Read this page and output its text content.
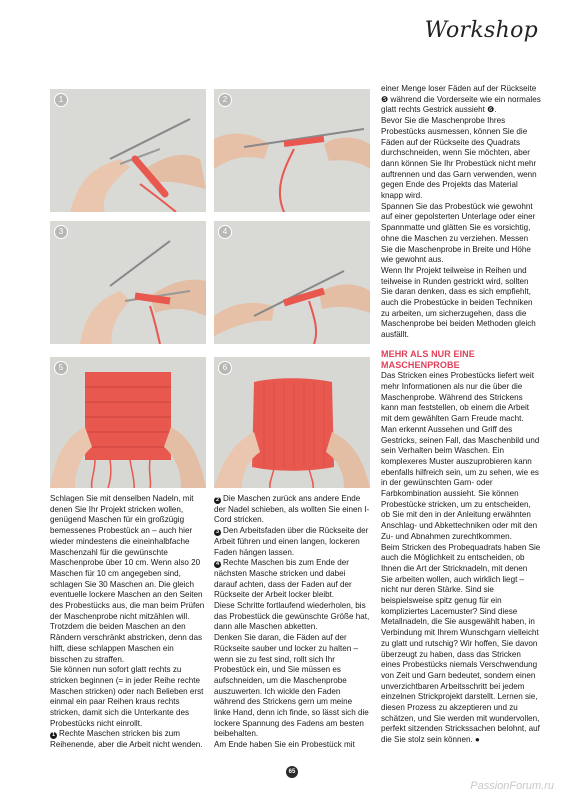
Workshop
1	2
3	4
5	6

Schlagen Sie mit denselben Nadeln, mit denen Sie Ihr Projekt stricken wollen, genügend Maschen für ein großzügig bemessenes Probestück an – auch hier wieder mindestens die eineinhalbfache Maschenzahl für die gewünschte Maschenprobe über 10 cm. Wenn also 20 Maschen für 10 cm angegeben sind, schlagen Sie 30 Maschen an. Die gleich eventuelle lockere Maschen an den Seiten des Probestücks aus, die man beim Prüfen der Maschenprobe nicht mitzählen will. Trotzdem die beiden Maschen an den Rändern verschränkt abstricken, denn das hilft, diese schlappen Maschen ein bisschen zu straffen.

Sie können nun sofort glatt rechts zu stricken beginnen (= in jeder Reihe rechte Maschen stricken) oder nach Belieben erst einmal ein paar Reihen kraus rechts stricken, damit sich die Unterkante des Probestücks nicht einrollt.

1 Rechte Maschen stricken bis zum Reihenende, aber die Arbeit nicht wenden.

2 Die Maschen zurück ans andere Ende der Nadel schieben, als wollten Sie einen I-Cord stricken.

3 Den Arbeitsfaden über die Rückseite der Arbeit führen und einen langen, lockeren Faden hängen lassen.

4 Rechte Maschen bis zum Ende der nächsten Masche stricken und dabei darauf achten, dass der Faden auf der Rückseite der Arbeit locker bleibt.

Diese Schritte fortlaufend wiederholen, bis das Probestück die gewünschte Größe hat, dann alle Maschen abketten.

Denken Sie daran, die Fäden auf der Rückseite sauber und locker zu halten – wenn sie zu fest sind, rollt sich Ihr Probestück ein, und Sie müssen es aufschneiden, um die Maschenprobe auszuwerten. Ich wickle den Faden während des Strickens gern um meine linke Hand, denn ich finde, so lässt sich die lockere Spannung des Fadens am besten beibehalten.

Am Ende haben Sie ein Probestück mit

einer Menge loser Fäden auf der Rückseite ❺ während die Vorderseite wie ein normales glatt rechts Gestrick aussieht ❻.

Bevor Sie die Maschenprobe Ihres Probestücks ausmessen, können Sie die Fäden auf der Rückseite des Quadrats durchschneiden, wenn Sie möchten, aber dann können Sie Ihr Probestück nicht mehr auftrennen und das Garn verwenden, wenn gegen Ende des Projekts das Material knapp wird.

Spannen Sie das Probestück wie gewohnt auf einer gepolsterten Unterlage oder einer Spannmatte und glätten Sie es vorsichtig, ohne die Maschen zu verziehen. Messen Sie die Maschenprobe in Breite und Höhe wie gewohnt aus.

Wenn Ihr Projekt teilweise in Reihen und teilweise in Runden gestrickt wird, sollten Sie daran denken, dass es sich empfiehlt, auch die Probestücke in beiden Techniken zu arbeiten, um sicherzugehen, dass die Maschenprobe bei beiden Methoden gleich ausfällt.

MEHR ALS NUR EINE MASCHENPROBE

Das Stricken eines Probestücks liefert weit mehr Informationen als nur die über die Maschenprobe. Während des Strickens kann man feststellen, ob einem die Arbeit mit dem gewählten Garn Freude macht. Man erkennt Aussehen und Griff des Gestricks, seinen Fall, das Maschenbild und sein Verhalten beim Waschen. Ein komplexeres Muster auszuprobieren kann ebenfalls hilfreich sein, um zu sehen, wie es in der gewünschten Garn- oder Farbkombination aussieht. Sie können Probestücke stricken, um zu entscheiden, ob Sie mit den in der Anleitung erwähnten Anschlag- und Abkettechniken oder mit den Zu- und Abnahmen zurechtkommen.

Beim Stricken des Probequadrats haben Sie auch die Möglichkeit zu entscheiden, ob Ihnen die Art der Stricknadeln, mit denen Sie arbeiten wollen, auch wirklich liegt – nicht nur deren Stärke. Sind sie beispielsweise spitz genug für ein kompliziertes Lacemuster? Sind diese Metallnadeln, die Sie ausgewählt haben, in Verbindung mit Ihrem Wunschgarn vielleicht zu glatt und rutschig? Wir hoffen, Sie davon überzeugt zu haben, dass das Stricken eines Probestücks niemals Verschwendung von Zeit und Garn bedeutet, sondern einen unverzichtbaren Arbeitsschritt bei jedem einzelnen Strickprojekt darstellt. Lernen sie, diesen Prozess zu akzeptieren und zu schätzen, und Sie werden mit wundervollen, perfekt sitzenden Strickssachen belohnt, auf die Sie stolz sein können. ●

65
PassionForum.ru
